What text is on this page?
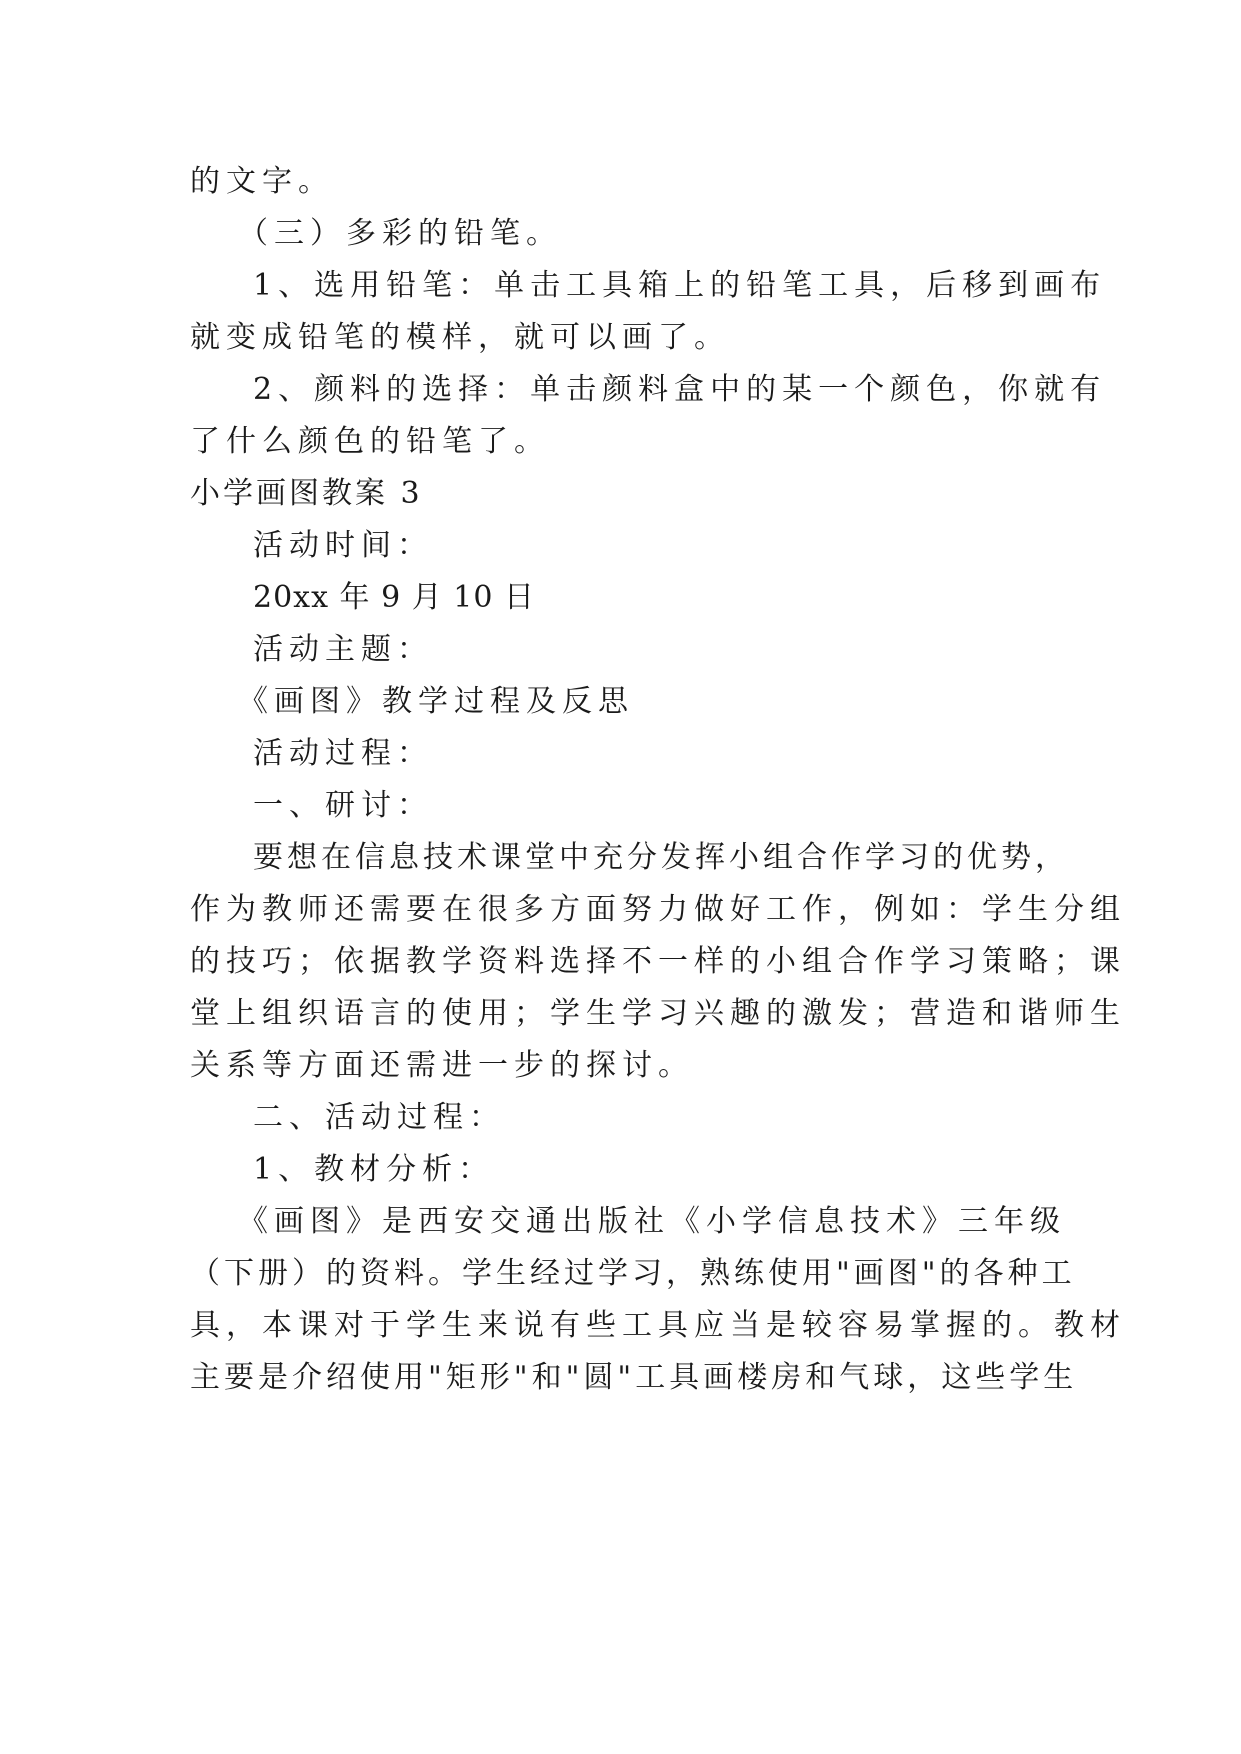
的文字。
（三）多彩的铅笔。
1、选用铅笔：单击工具箱上的铅笔工具，后移到画布
就变成铅笔的模样，就可以画了。
2、颜料的选择：单击颜料盒中的某一个颜色，你就有
了什么颜色的铅笔了。
小学画图教案 3
活动时间：
20xx 年 9 月 10 日
活动主题：
《画图》教学过程及反思
活动过程：
一、研讨：
要想在信息技术课堂中充分发挥小组合作学习的优势，
作为教师还需要在很多方面努力做好工作，例如：学生分组
的技巧；依据教学资料选择不一样的小组合作学习策略；课
堂上组织语言的使用；学生学习兴趣的激发；营造和谐师生
关系等方面还需进一步的探讨。
二、活动过程：
1、教材分析：
《画图》是西安交通出版社《小学信息技术》三年级
（下册）的资料。学生经过学习，熟练使用"画图"的各种工
具，本课对于学生来说有些工具应当是较容易掌握的。教材
主要是介绍使用"矩形"和"圆"工具画楼房和气球，这些学生
